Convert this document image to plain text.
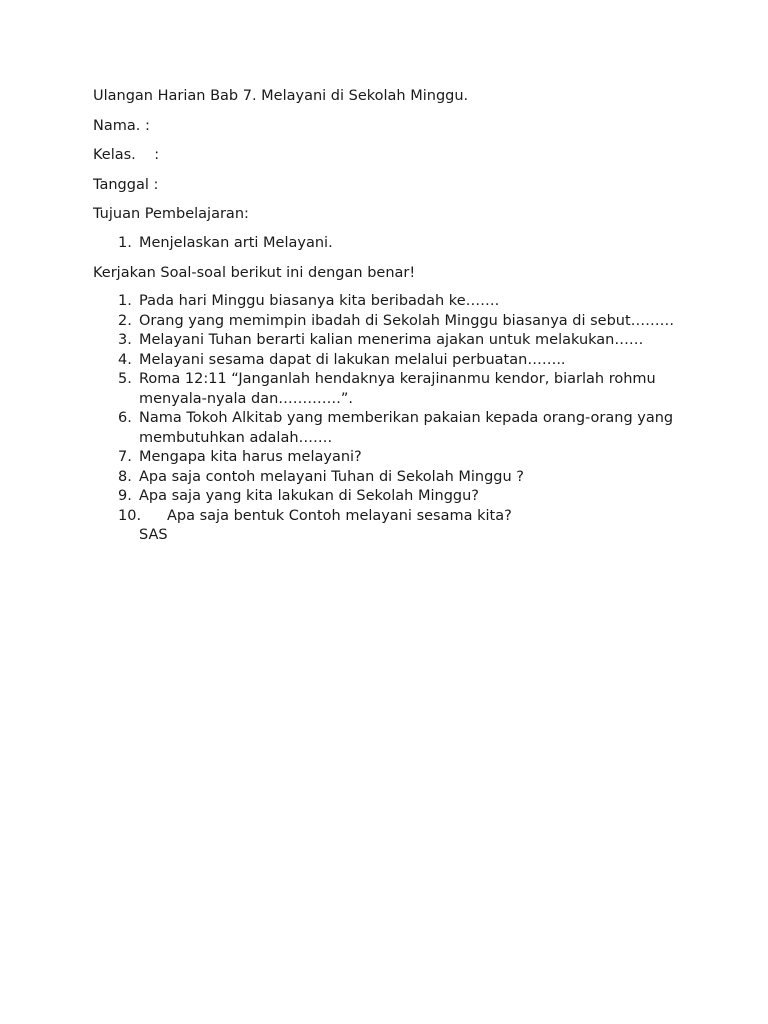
Ulangan Harian Bab 7. Melayani di Sekolah Minggu.

Nama. :
Kelas. :
Tanggal :

Tujuan Pembelajaran:

1. Menjelaskan arti Melayani.

Kerjakan Soal-soal berikut ini dengan benar!

1. Pada hari Minggu biasanya kita beribadah ke…….
2. Orang yang memimpin ibadah di Sekolah Minggu biasanya di sebut………
3. Melayani Tuhan berarti kalian menerima ajakan untuk melakukan……
4. Melayani sesama dapat di lakukan melalui perbuatan……..
5. Roma 12:11 “Janganlah hendaknya kerajinanmu kendor, biarlah rohmu menyala-nyala dan………….”.
6. Nama Tokoh Alkitab yang memberikan pakaian kepada orang-orang yang membutuhkan adalah…….
7. Mengapa kita harus melayani?
8. Apa saja contoh melayani Tuhan di Sekolah Minggu ?
9. Apa saja yang kita lakukan di Sekolah Minggu?
10.	Apa saja bentuk Contoh melayani sesama kita?
SAS
